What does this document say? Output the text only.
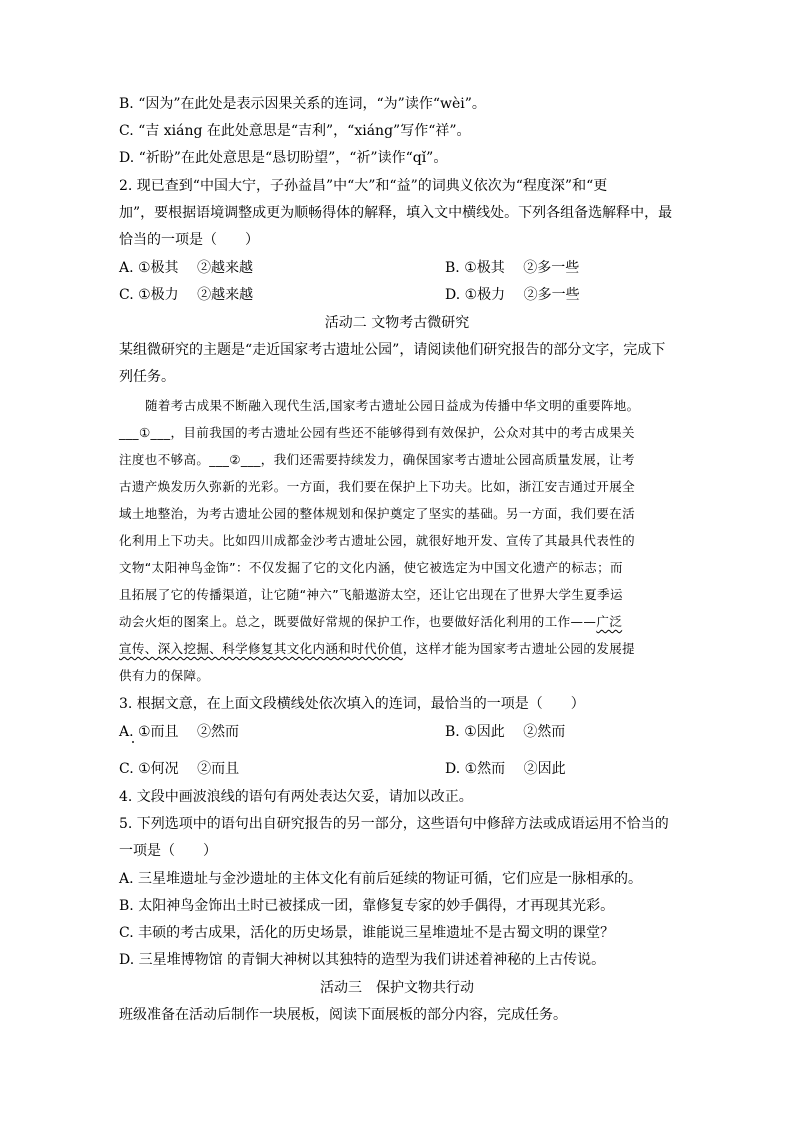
B. “因为”在此处是表示因果关系的连词，“为”读作“wèi”。
C. “吉 xiáng 在此处意思是“吉利”，“xiáng”写作“祥”。
D. “祈盼”在此处意思是“恳切盼望”，“祈”读作“qǐ”。
2. 现已查到“中国大宁，子孙益昌”中“大”和“益”的词典义依次为“程度深”和“更
加”，要根据语境调整成更为顺畅得体的解释，填入文中横线处。下列各组备选解释中，最
恰当的一项是（　　）
A. ①极其　 ②越来越	B. ①极其　 ②多一些
C. ①极力　 ②越来越	D. ①极力　 ②多一些
活动二 文物考古微研究
某组微研究的主题是“走近国家考古遗址公园”，请阅读他们研究报告的部分文字，完成下
列任务。
随着考古成果不断融入现代生活,国家考古遗址公园日益成为传播中华文明的重要阵地。
___①___，目前我国的考古遗址公园有些还不能够得到有效保护，公众对其中的考古成果关
注度也不够高。___②___，我们还需要持续发力，确保国家考古遗址公园高质量发展，让考
古遗产焕发历久弥新的光彩。一方面，我们要在保护上下功夫。比如，浙江安吉通过开展全
域土地整治，为考古遗址公园的整体规划和保护奠定了坚实的基础。另一方面，我们要在活
化利用上下功夫。比如四川成都金沙考古遗址公园，就很好地开发、宣传了其最具代表性的
文物“太阳神鸟金饰”：不仅发掘了它的文化内涵，使它被选定为中国文化遗产的标志；而
且拓展了它的传播渠道，让它随“神六”飞船遨游太空，还让它出现在了世界大学生夏季运
动会火炬的图案上。总之，既要做好常规的保护工作，也要做好活化利用的工作——广泛
宣传、深入挖掘、科学修复其文化内涵和时代价值，这样才能为国家考古遗址公园的发展提
供有力的保障。
3. 根据文意，在上面文段横线处依次填入的连词，最恰当的一项是（　　）
A. ①而且　 ②然而	B. ①因此　 ②然而
C. ①何况　 ②而且	D. ①然而　 ②因此
4. 文段中画波浪线的语句有两处表达欠妥，请加以改正。
5. 下列选项中的语句出自研究报告的另一部分，这些语句中修辞方法或成语运用不恰当的
一项是（　　）
A. 三星堆遗址与金沙遗址的主体文化有前后延续的物证可循，它们应是一脉相承的。
B. 太阳神鸟金饰出土时已被揉成一团，靠修复专家的妙手偶得，才再现其光彩。
C. 丰硕的考古成果，活化的历史场景，谁能说三星堆遗址不是古蜀文明的课堂？
D. 三星堆博物馆 的青铜大神树以其独特的造型为我们讲述着神秘的上古传说。
活动三　保护文物共行动
班级准备在活动后制作一块展板，阅读下面展板的部分内容，完成任务。
